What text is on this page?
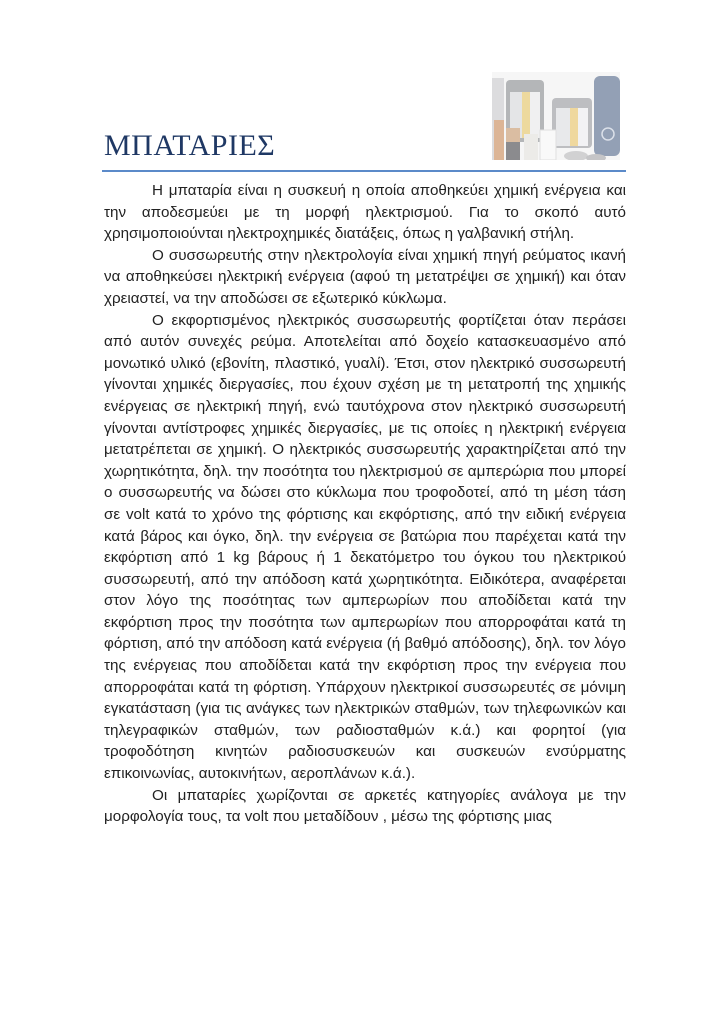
ΜΠΑΤΑΡΙΕΣ

Η μπαταρία είναι η συσκευή η οποία αποθηκεύει χημική ενέργεια και την αποδεσμεύει με τη μορφή ηλεκτρισμού. Για το σκοπό αυτό χρησιμοποιούνται ηλεκτροχημικές διατάξεις, όπως η γαλβανική στήλη.

Ο συσσωρευτής στην ηλεκτρολογία είναι χημική πηγή ρεύματος ικανή να αποθηκεύσει ηλεκτρική ενέργεια (αφού τη μετατρέψει σε χημική) και όταν χρειαστεί, να την αποδώσει σε εξωτερικό κύκλωμα.

Ο εκφορτισμένος ηλεκτρικός συσσωρευτής φορτίζεται όταν περάσει από αυτόν συνεχές ρεύμα. Αποτελείται από δοχείο κατασκευασμένο από μονωτικό υλικό (εβονίτη, πλαστικό, γυαλί). Έτσι, στον ηλεκτρικό συσσωρευτή γίνονται χημικές διεργασίες, που έχουν σχέση με τη μετατροπή της χημικής ενέργειας σε ηλεκτρική πηγή, ενώ ταυτόχρονα στον ηλεκτρικό συσσωρευτή γίνονται αντίστροφες χημικές διεργασίες, με τις οποίες η ηλεκτρική ενέργεια μετατρέπεται σε χημική. Ο ηλεκτρικός συσσωρευτής χαρακτηρίζεται από την χωρητικότητα, δηλ. την ποσότητα του ηλεκτρισμού σε αμπερώρια που μπορεί ο συσσωρευτής να δώσει στο κύκλωμα που τροφοδοτεί, από τη μέση τάση σε volt κατά το χρόνο της φόρτισης και εκφόρτισης, από την ειδική ενέργεια κατά βάρος και όγκο, δηλ. την ενέργεια σε βατώρια που παρέχεται κατά την εκφόρτιση από 1 kg βάρους ή 1 δεκατόμετρο του όγκου του ηλεκτρικού συσσωρευτή, από την απόδοση κατά χωρητικότητα. Ειδικότερα, αναφέρεται στον λόγο της ποσότητας των αμπερωρίων που αποδίδεται κατά την εκφόρτιση προς την ποσότητα των αμπερωρίων που απορροφάται κατά τη φόρτιση, από την απόδοση κατά ενέργεια (ή βαθμό απόδοσης), δηλ. τον λόγο της ενέργειας που αποδίδεται κατά την εκφόρτιση προς την ενέργεια που απορροφάται κατά τη φόρτιση. Υπάρχουν ηλεκτρικοί συσσωρευτές σε μόνιμη εγκατάσταση (για τις ανάγκες των ηλεκτρικών σταθμών, των τηλεφωνικών και τηλεγραφικών σταθμών, των ραδιοσταθμών κ.ά.) και φορητοί (για τροφοδότηση κινητών ραδιοσυσκευών και συσκευών ενσύρματης επικοινωνίας, αυτοκινήτων, αεροπλάνων κ.ά.).

Οι μπαταρίες χωρίζονται σε αρκετές κατηγορίες ανάλογα με την μορφολογία τους, τα volt που μεταδίδουν , μέσω της φόρτισης μιας
